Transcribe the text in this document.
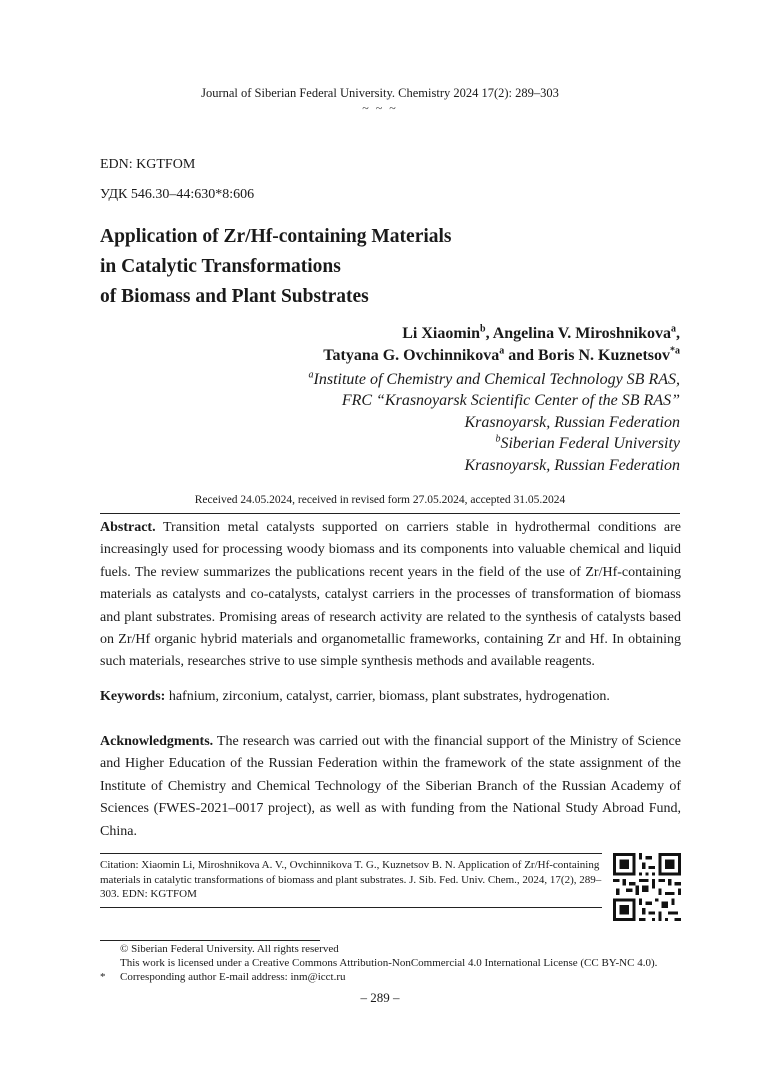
Journal of Siberian Federal University. Chemistry 2024 17(2): 289–303
~ ~ ~
EDN: KGTFOM
УДК 546.30–44:630*8:606
Application of Zr/Hf-containing Materials
in Catalytic Transformations
of Biomass and Plant Substrates
Li Xiaomin$^b$, Angelina V. Miroshnikova$^a$,
Tatyana G. Ovchinnikova$^a$ and Boris N. Kuznetsov$^{*a}$
$^a$Institute of Chemistry and Chemical Technology SB RAS,
FRC “Krasnoyarsk Scientific Center of the SB RAS”
Krasnoyarsk, Russian Federation
$^b$Siberian Federal University
Krasnoyarsk, Russian Federation
Received 24.05.2024, received in revised form 27.05.2024, accepted 31.05.2024
Abstract. Transition metal catalysts supported on carriers stable in hydrothermal conditions are increasingly used for processing woody biomass and its components into valuable chemical and liquid fuels. The review summarizes the publications recent years in the field of the use of Zr/Hf-containing materials as catalysts and co-catalysts, catalyst carriers in the processes of transformation of biomass and plant substrates. Promising areas of research activity are related to the synthesis of catalysts based on Zr/Hf organic hybrid materials and organometallic frameworks, containing Zr and Hf. In obtaining such materials, researches strive to use simple synthesis methods and available reagents.
Keywords: hafnium, zirconium, catalyst, carrier, biomass, plant substrates, hydrogenation.
Acknowledgments. The research was carried out with the financial support of the Ministry of Science and Higher Education of the Russian Federation within the framework of the state assignment of the Institute of Chemistry and Chemical Technology of the Siberian Branch of the Russian Academy of Sciences (FWES-2021–0017 project), as well as with funding from the National Study Abroad Fund, China.
Citation: Xiaomin Li, Miroshnikova A. V., Ovchinnikova T. G., Kuznetsov B. N. Application of Zr/Hf-containing materials in catalytic transformations of biomass and plant substrates. J. Sib. Fed. Univ. Chem., 2024, 17(2), 289–303. EDN: KGTFOM
© Siberian Federal University. All rights reserved
This work is licensed under a Creative Commons Attribution-NonCommercial 4.0 International License (CC BY-NC 4.0).
* Corresponding author E-mail address: inm@icct.ru
– 289 –
